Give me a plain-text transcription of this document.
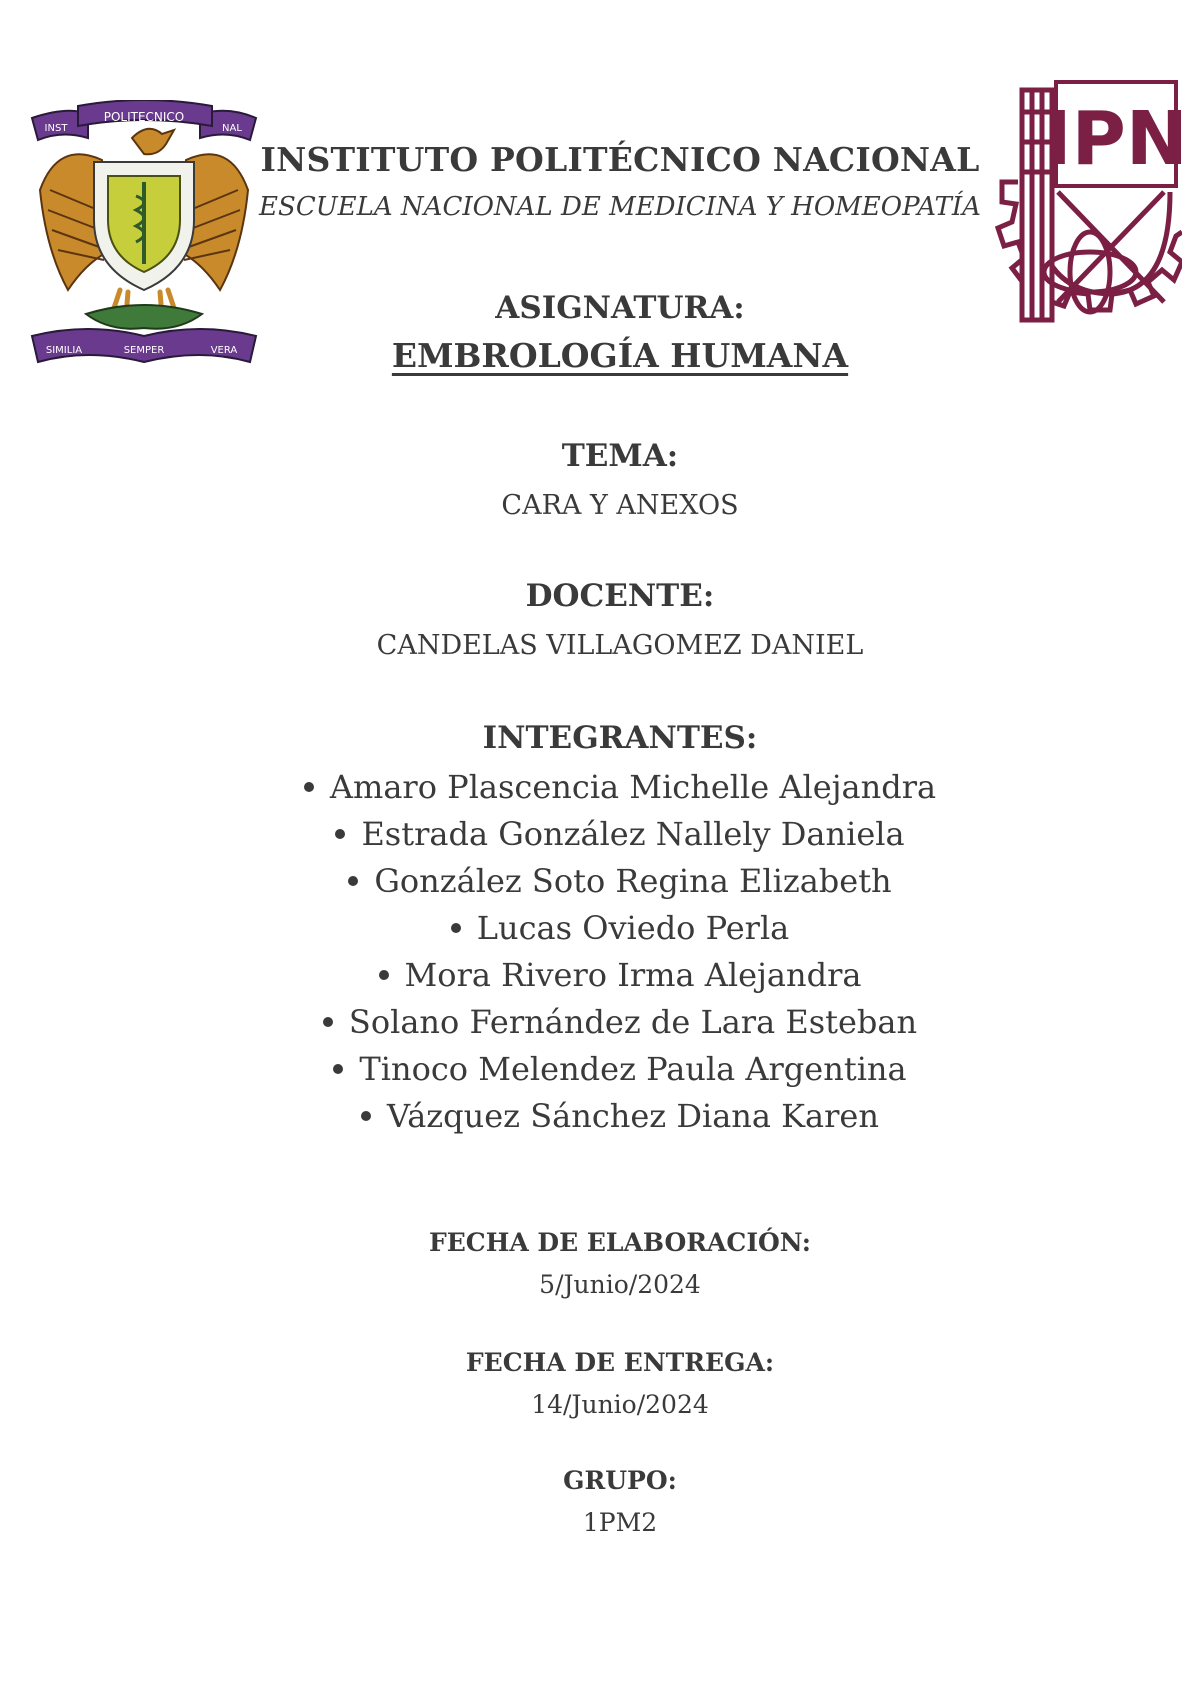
POLITECNICO
INST	NAL
SIMILIA	SEMPER	VERA
IPN
INSTITUTO POLITÉCNICO NACIONAL
ESCUELA NACIONAL DE MEDICINA Y HOMEOPATÍA
ASIGNATURA:
EMBROLOGÍA HUMANA
TEMA:
CARA Y ANEXOS
DOCENTE:
CANDELAS VILLAGOMEZ DANIEL
INTEGRANTES:
Amaro Plascencia Michelle Alejandra
Estrada González Nallely Daniela
González Soto Regina Elizabeth
Lucas Oviedo Perla
Mora Rivero Irma Alejandra
Solano Fernández de Lara Esteban
Tinoco Melendez Paula Argentina
Vázquez Sánchez Diana Karen
FECHA DE ELABORACIÓN:
5/Junio/2024
FECHA DE ENTREGA:
14/Junio/2024
GRUPO:
1PM2
